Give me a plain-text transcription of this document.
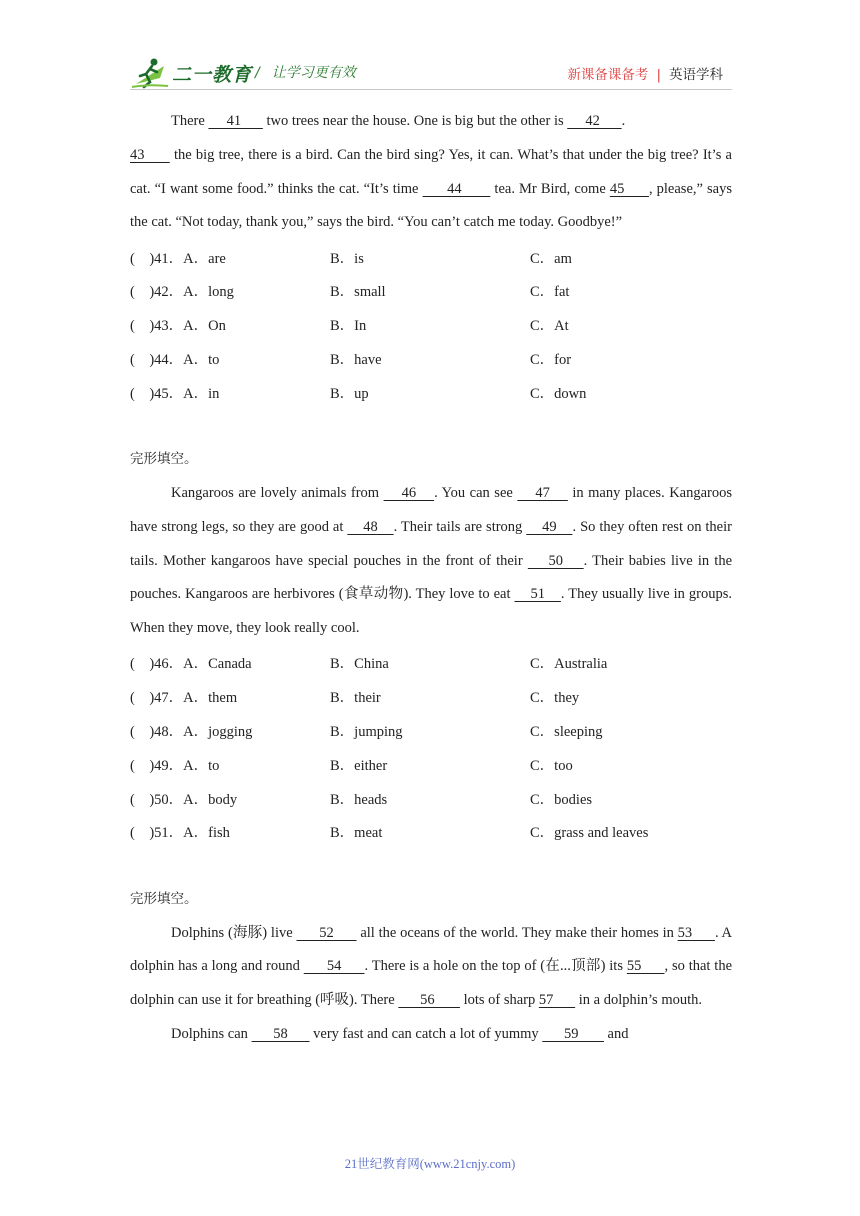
二一教育 / 让学习更有效	新课备课备考 | 英语学科

There      41       two trees near the house. One is big but the other is      42      .
43       the big tree, there is a bird. Can the bird sing? Yes, it can. What’s that under the big tree? It’s a cat. “I want some food.” thinks the cat. “It’s time       44        tea. Mr Bird, come 45      , please,” says the cat. “Not today, thank you,” says the bird. “You can’t catch me today. Goodbye!”

(    )41．A．are	B．is	C．am
(    )42．A．long	B．small	C．fat
(    )43．A．On	B．In	C．At
(    )44．A．to	B．have	C．for
(    )45．A．in	B．up	C．down
完形填空。

Kangaroos are lovely animals from     46    . You can see     47     in many places. Kangaroos have strong legs, so they are good at     48    . Their tails are strong     49    . So they often rest on their tails. Mother kangaroos have special pouches in the front of their     50    . Their babies live in the pouches. Kangaroos are herbivores (食草动物). They love to eat     51    . They usually live in groups. When they move, they look really cool.

(    )46．A．Canada	B．China	C．Australia
(    )47．A．them	B．their	C．they
(    )48．A．jogging	B．jumping	C．sleeping
(    )49．A．to	B．either	C．too
(    )50．A．body	B．heads	C．bodies
(    )51．A．fish	B．meat	C．grass and leaves
完形填空。

Dolphins (海豚) live       52       all the oceans of the world. They make their homes in 53      . A dolphin has a long and round       54      . There is a hole on the top of (在...顶部) its 55      , so that the dolphin can use it for breathing (呼吸). There       56        lots of sharp 57       in a dolphin’s mouth.

Dolphins can       58       very fast and can catch a lot of yummy       59        and

21世纪教育网(www.21cnjy.com)
